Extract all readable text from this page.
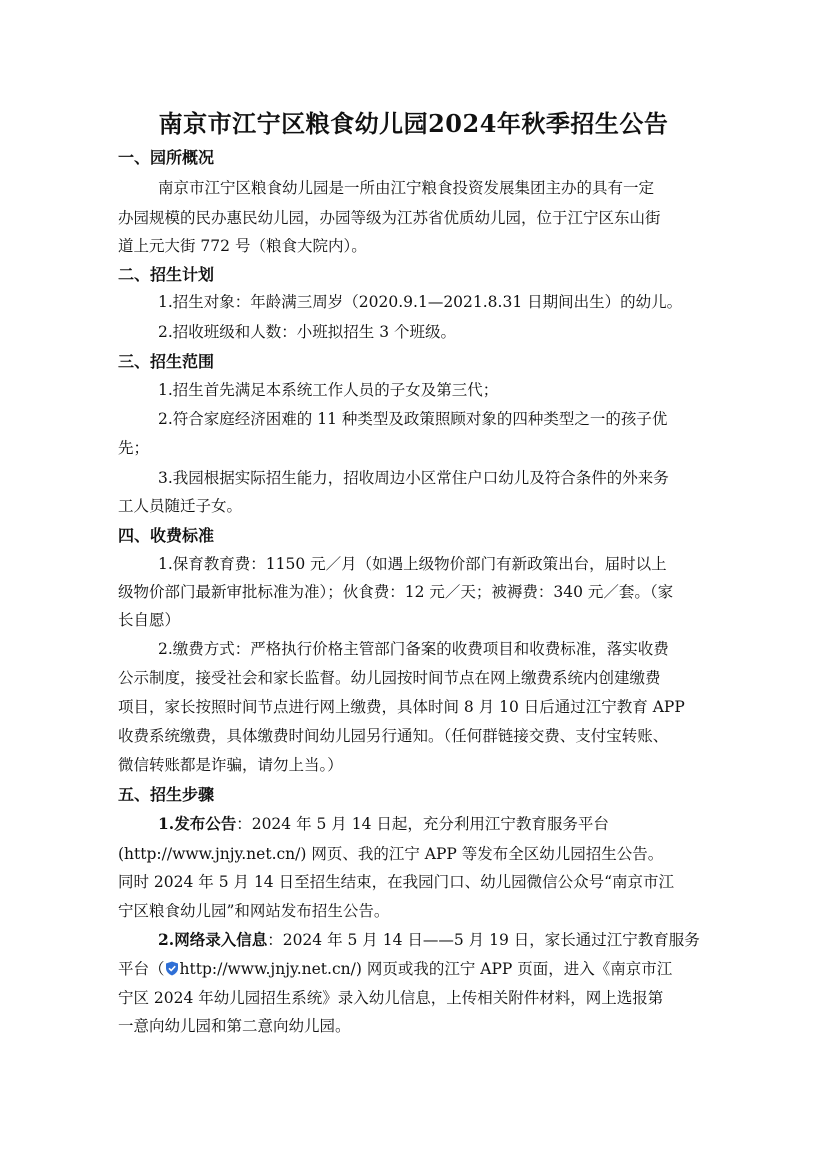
南京市江宁区粮食幼儿园2024年秋季招生公告
一、园所概况
南京市江宁区粮食幼儿园是一所由江宁粮食投资发展集团主办的具有一定
办园规模的民办惠民幼儿园，办园等级为江苏省优质幼儿园，位于江宁区东山街
道上元大街 772 号（粮食大院内）。
二、招生计划
1.招生对象：年龄满三周岁（2020.9.1—2021.8.31 日期间出生）的幼儿。
2.招收班级和人数：小班拟招生 3 个班级。
三、招生范围
1.招生首先满足本系统工作人员的子女及第三代；
2.符合家庭经济困难的 11 种类型及政策照顾对象的四种类型之一的孩子优
先；
3.我园根据实际招生能力，招收周边小区常住户口幼儿及符合条件的外来务
工人员随迁子女。
四、收费标准
1.保育教育费：1150 元／月（如遇上级物价部门有新政策出台，届时以上
级物价部门最新审批标准为准）；伙食费：12 元／天；被褥费：340 元／套。（家
长自愿）
2.缴费方式：严格执行价格主管部门备案的收费项目和收费标准，落实收费
公示制度，接受社会和家长监督。幼儿园按时间节点在网上缴费系统内创建缴费
项目，家长按照时间节点进行网上缴费，具体时间 8 月 10 日后通过江宁教育 APP
收费系统缴费，具体缴费时间幼儿园另行通知。（任何群链接交费、支付宝转账、
微信转账都是诈骗，请勿上当。）
五、招生步骤
1.发布公告：2024 年 5 月 14 日起，充分利用江宁教育服务平台
(http://www.jnjy.net.cn/) 网页、我的江宁 APP 等发布全区幼儿园招生公告。
同时 2024 年 5 月 14 日至招生结束，在我园门口、幼儿园微信公众号“南京市江
宁区粮食幼儿园”和网站发布招生公告。
2.网络录入信息：2024 年 5 月 14 日——5 月 19 日，家长通过江宁教育服务
平台（ http://www.jnjy.net.cn/) 网页或我的江宁 APP 页面，进入《南京市江
宁区 2024 年幼儿园招生系统》录入幼儿信息，上传相关附件材料，网上选报第
一意向幼儿园和第二意向幼儿园。
